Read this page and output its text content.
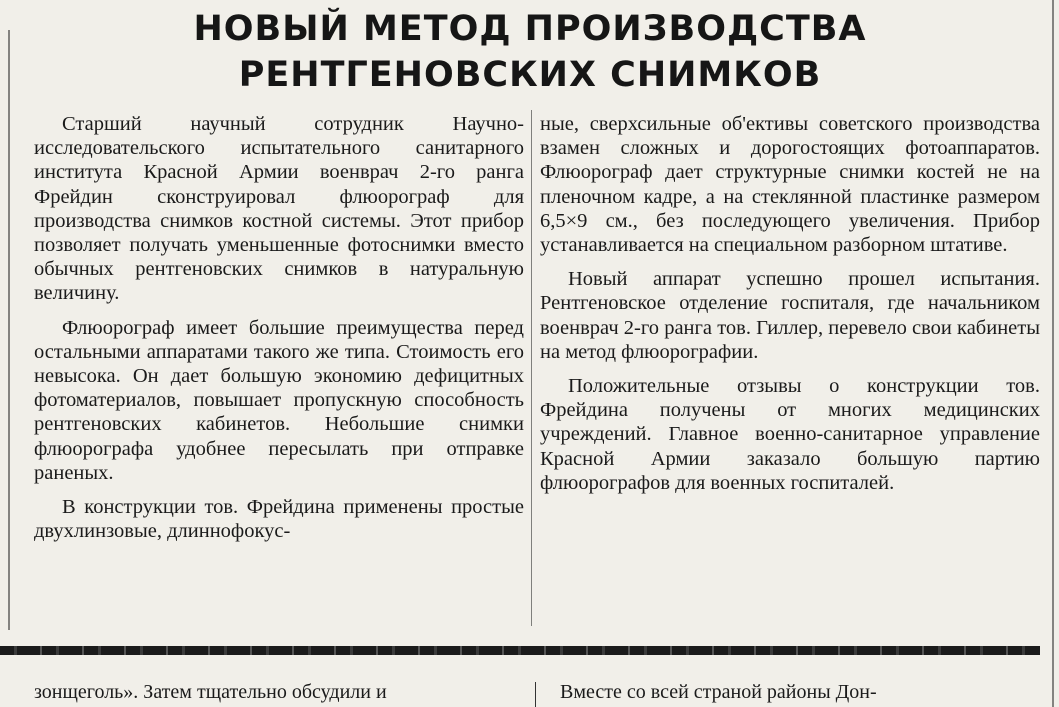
НОВЫЙ МЕТОД ПРОИЗВОДСТВА
РЕНТГЕНОВСКИХ СНИМКОВ

Старший научный сотрудник Научно-исследовательского испытательного санитарного института Красной Армии военврач 2-го ранга Фрейдин сконструировал флюорограф для производства снимков костной системы. Этот прибор позволяет получать уменьшенные фотоснимки вместо обычных рентгеновских снимков в натуральную величину.

Флюорограф имеет большие преимущества перед остальными аппаратами такого же типа. Стоимость его невысока. Он дает большую экономию дефицитных фотоматериалов, повышает пропускную способность рентгеновских кабинетов. Небольшие снимки флюорографа удобнее пересылать при отправке раненых.

В конструкции тов. Фрейдина применены простые двухлинзовые, длиннофокус-

ные, сверхсильные об'ективы советского производства взамен сложных и дорогостоящих фотоаппаратов. Флюорограф дает структурные снимки костей не на пленочном кадре, а на стеклянной пластинке размером 6,5×9 см., без последующего увеличения. Прибор устанавливается на специальном разборном штативе.

Новый аппарат успешно прошел испытания. Рентгеновское отделение госпиталя, где начальником военврач 2-го ранга тов. Гиллер, перевело свои кабинеты на метод флюорографии.

Положительные отзывы о конструкции тов. Фрейдина получены от многих медицинских учреждений. Главное военно-санитарное управление Красной Армии заказало большую партию флюорографов для военных госпиталей.

зонщеголь». Затем тщательно обсудили и	Вместе со всей страной районы Дон-
